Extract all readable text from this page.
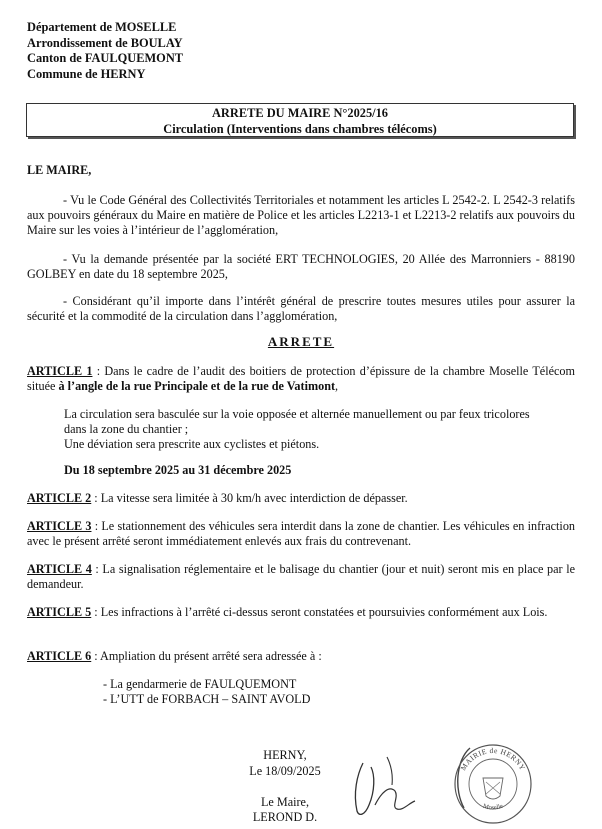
Département de MOSELLE
Arrondissement de BOULAY
Canton de FAULQUEMONT
Commune de HERNY
ARRETE DU MAIRE N°2025/16
Circulation (Interventions dans chambres télécoms)
LE MAIRE,
- Vu le Code Général des Collectivités Territoriales et notamment les articles L 2542-2. L 2542-3 relatifs aux pouvoirs généraux du Maire en matière de Police et les articles L2213-1 et L2213-2 relatifs aux pouvoirs du Maire sur les voies à l’intérieur de l’agglomération,
- Vu la demande présentée par la société ERT TECHNOLOGIES, 20 Allée des Marronniers - 88190 GOLBEY en date du 18 septembre 2025,
- Considérant qu’il importe dans l’intérêt général de prescrire toutes mesures utiles pour assurer la sécurité et la commodité de la circulation dans l’agglomération,
ARRETE
ARTICLE 1 : Dans le cadre de l’audit des boitiers de protection d’épissure de la chambre Moselle Télécom située à l’angle de la rue Principale et de la rue de Vatimont,
La circulation sera basculée sur la voie opposée et alternée manuellement ou par feux tricolores dans la zone du chantier ;
Une déviation sera prescrite aux cyclistes et piétons.
Du 18 septembre 2025 au 31 décembre 2025
ARTICLE 2 : La vitesse sera limitée à 30 km/h avec interdiction de dépasser.
ARTICLE 3 : Le stationnement des véhicules sera interdit dans la zone de chantier. Les véhicules en infraction avec le présent arrêté seront immédiatement enlevés aux frais du contrevenant.
ARTICLE 4 : La signalisation réglementaire et le balisage du chantier (jour et nuit) seront mis en place par le demandeur.
ARTICLE 5 : Les infractions à l’arrêté ci-dessus seront constatées et poursuivies conformément aux Lois.
ARTICLE 6 : Ampliation du présent arrêté sera adressée à :
- La gendarmerie de FAULQUEMONT
- L’UTT de FORBACH – SAINT AVOLD
HERNY,
Le 18/09/2025
Le Maire,
LEROND D.
MAIRIE de HERNY
Moselle
